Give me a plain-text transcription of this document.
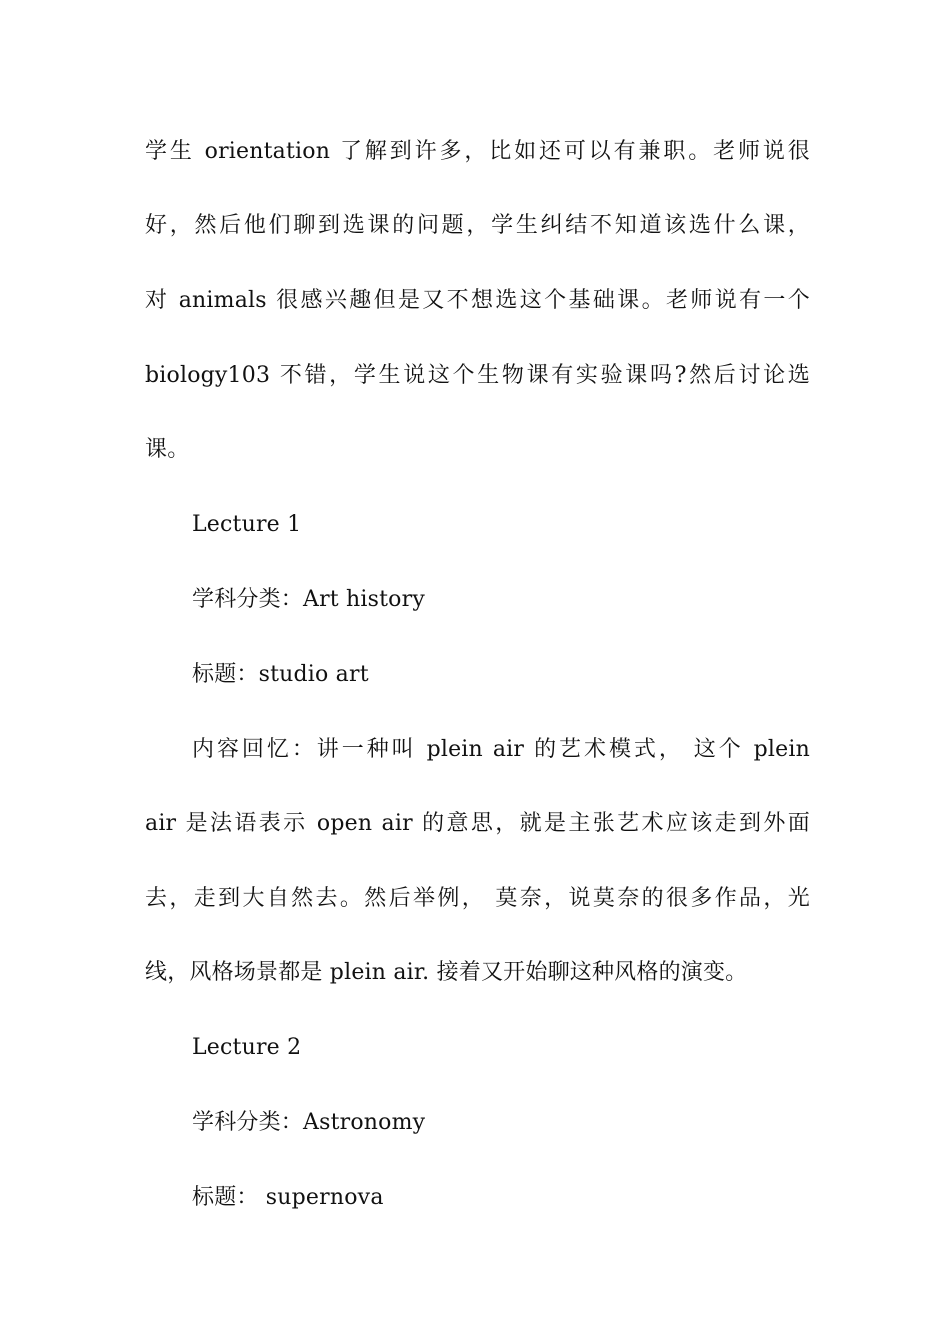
学生 orientation 了解到许多，比如还可以有兼职。老师说很
好，然后他们聊到选课的问题，学生纠结不知道该选什么课，
对 animals 很感兴趣但是又不想选这个基础课。老师说有一个
biology103 不错，学生说这个生物课有实验课吗?然后讨论选
课。
Lecture 1
学科分类：Art history
标题：studio art
内容回忆：讲一种叫 plein air 的艺术模式， 这个 plein
air 是法语表示 open air 的意思，就是主张艺术应该走到外面
去，走到大自然去。然后举例， 莫奈，说莫奈的很多作品，光
线，风格场景都是 plein air. 接着又开始聊这种风格的演变。
Lecture 2
学科分类：Astronomy
标题： supernova
